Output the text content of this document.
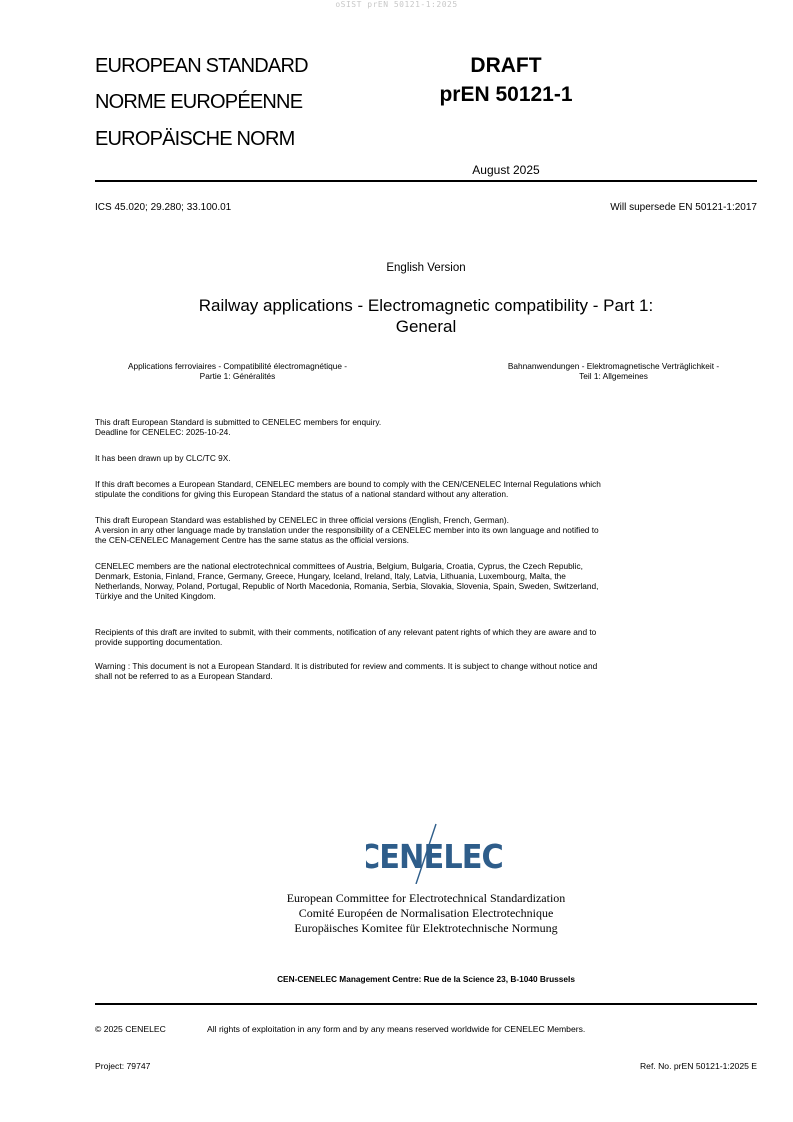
oSIST prEN 50121-1:2025
EUROPEAN STANDARD
NORME EUROPÉENNE
EUROPÄISCHE NORM
DRAFT
prEN 50121-1
August 2025
ICS 45.020; 29.280; 33.100.01	Will supersede EN 50121-1:2017
English Version
Railway applications - Electromagnetic compatibility - Part 1:
General
Applications ferroviaires - Compatibilité électromagnétique -
Partie 1: Généralités
Bahnanwendungen - Elektromagnetische Verträglichkeit -
Teil 1: Allgemeines
This draft European Standard is submitted to CENELEC members for enquiry.
Deadline for CENELEC: 2025-10-24.
It has been drawn up by CLC/TC 9X.
If this draft becomes a European Standard, CENELEC members are bound to comply with the CEN/CENELEC Internal Regulations which
stipulate the conditions for giving this European Standard the status of a national standard without any alteration.
This draft European Standard was established by CENELEC in three official versions (English, French, German).
A version in any other language made by translation under the responsibility of a CENELEC member into its own language and notified to
the CEN-CENELEC Management Centre has the same status as the official versions.
CENELEC members are the national electrotechnical committees of Austria, Belgium, Bulgaria, Croatia, Cyprus, the Czech Republic,
Denmark, Estonia, Finland, France, Germany, Greece, Hungary, Iceland, Ireland, Italy, Latvia, Lithuania, Luxembourg, Malta, the
Netherlands, Norway, Poland, Portugal, Republic of North Macedonia, Romania, Serbia, Slovakia, Slovenia, Spain, Sweden, Switzerland,
Türkiye and the United Kingdom.
Recipients of this draft are invited to submit, with their comments, notification of any relevant patent rights of which they are aware and to
provide supporting documentation.
Warning : This document is not a European Standard. It is distributed for review and comments. It is subject to change without notice and
shall not be referred to as a European Standard.
CENELEC
European Committee for Electrotechnical Standardization
Comité Européen de Normalisation Electrotechnique
Europäisches Komitee für Elektrotechnische Normung
CEN-CENELEC Management Centre: Rue de la Science 23, B-1040 Brussels
© 2025 CENELEC	All rights of exploitation in any form and by any means reserved worldwide for CENELEC Members.
Project: 79747	Ref. No. prEN 50121-1:2025 E
